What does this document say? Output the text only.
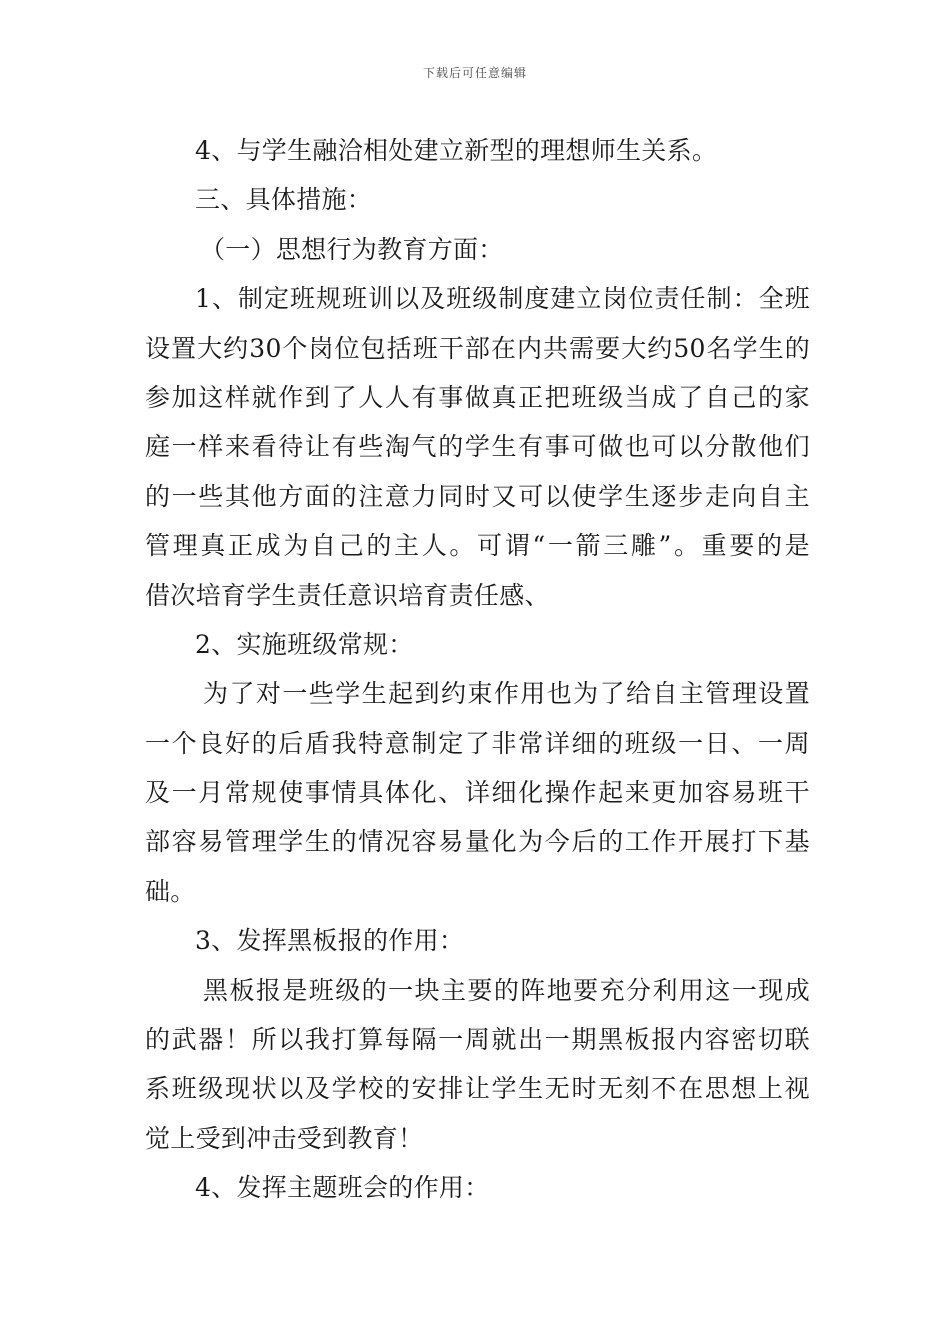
下载后可任意编辑
4、与学生融洽相处建立新型的理想师生关系。
三、具体措施：
（一）思想行为教育方面：
1、制定班规班训以及班级制度建立岗位责任制：全班
设置大约30个岗位包括班干部在内共需要大约50名学生的
参加这样就作到了人人有事做真正把班级当成了自己的家
庭一样来看待让有些淘气的学生有事可做也可以分散他们
的一些其他方面的注意力同时又可以使学生逐步走向自主
管理真正成为自己的主人。可谓“一箭三雕”。重要的是
借次培育学生责任意识培育责任感、
2、实施班级常规：
为了对一些学生起到约束作用也为了给自主管理设置
一个良好的后盾我特意制定了非常详细的班级一日、一周
及一月常规使事情具体化、详细化操作起来更加容易班干
部容易管理学生的情况容易量化为今后的工作开展打下基
础。
3、发挥黑板报的作用：
黑板报是班级的一块主要的阵地要充分利用这一现成
的武器！所以我打算每隔一周就出一期黑板报内容密切联
系班级现状以及学校的安排让学生无时无刻不在思想上视
觉上受到冲击受到教育！
4、发挥主题班会的作用：
